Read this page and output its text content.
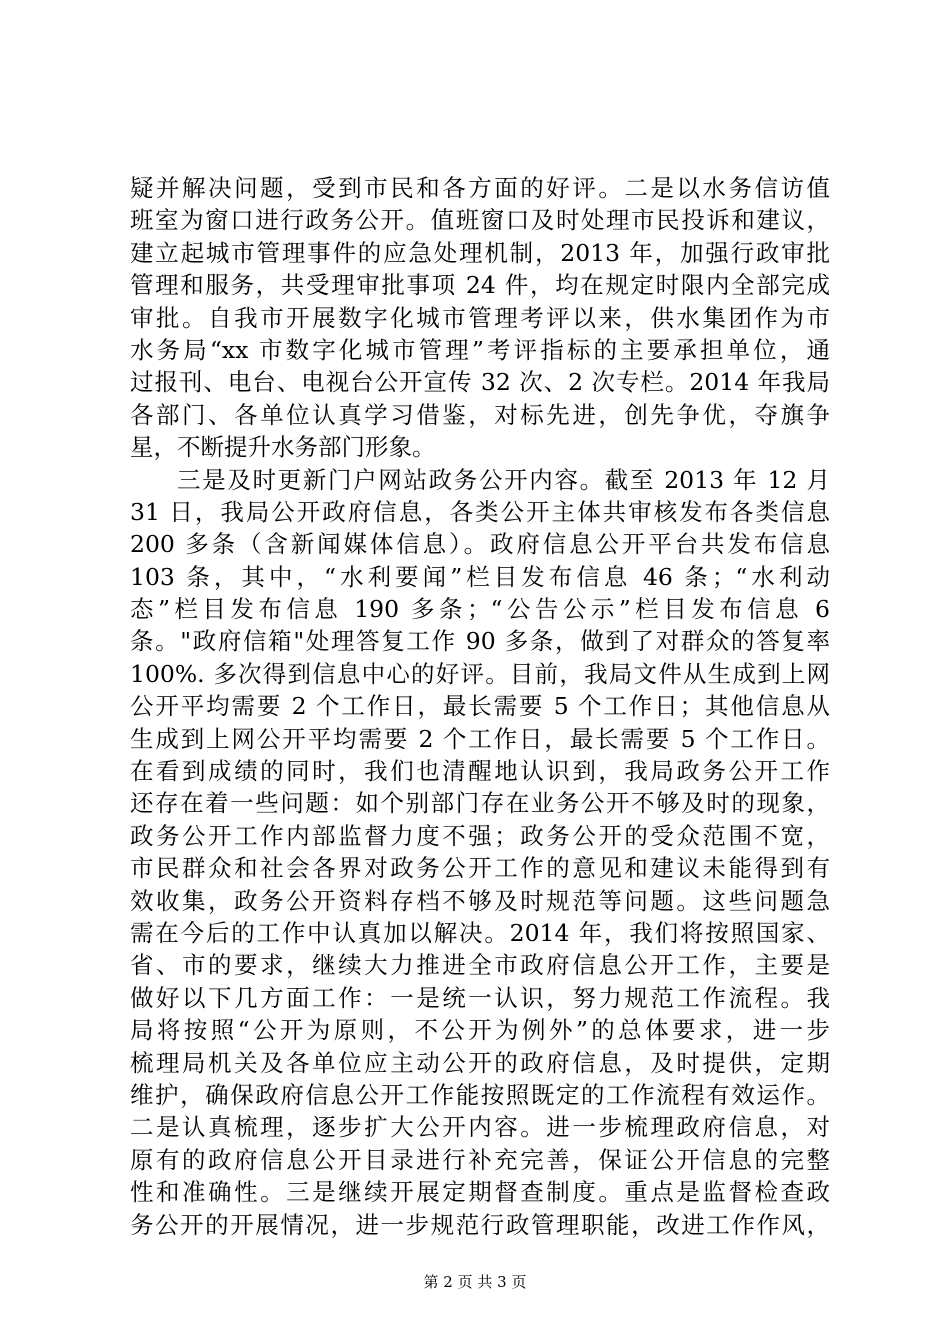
疑并解决问题，受到市民和各方面的好评。二是以水务信访值
班室为窗口进行政务公开。值班窗口及时处理市民投诉和建议，
建立起城市管理事件的应急处理机制，2013 年，加强行政审批
管理和服务，共受理审批事项 24 件，均在规定时限内全部完成
审批。自我市开展数字化城市管理考评以来，供水集团作为市
水务局“xx 市数字化城市管理”考评指标的主要承担单位，通
过报刊、电台、电视台公开宣传 32 次、2 次专栏。2014 年我局
各部门、各单位认真学习借鉴，对标先进，创先争优，夺旗争
星，不断提升水务部门形象。
三是及时更新门户网站政务公开内容。截至 2013 年 12 月
31 日，我局公开政府信息，各类公开主体共审核发布各类信息
200 多条（含新闻媒体信息）。政府信息公开平台共发布信息
103 条，其中，“水利要闻”栏目发布信息 46 条；“水利动
态”栏目发布信息 190 多条；“公告公示”栏目发布信息 6
条。"政府信箱"处理答复工作 90 多条，做到了对群众的答复率
100%. 多次得到信息中心的好评。目前，我局文件从生成到上网
公开平均需要 2 个工作日，最长需要 5 个工作日；其他信息从
生成到上网公开平均需要 2 个工作日，最长需要 5 个工作日。
在看到成绩的同时，我们也清醒地认识到，我局政务公开工作
还存在着一些问题：如个别部门存在业务公开不够及时的现象，
政务公开工作内部监督力度不强；政务公开的受众范围不宽，
市民群众和社会各界对政务公开工作的意见和建议未能得到有
效收集，政务公开资料存档不够及时规范等问题。这些问题急
需在今后的工作中认真加以解决。2014 年，我们将按照国家、
省、市的要求，继续大力推进全市政府信息公开工作，主要是
做好以下几方面工作：一是统一认识，努力规范工作流程。我
局将按照“公开为原则，不公开为例外”的总体要求，进一步
梳理局机关及各单位应主动公开的政府信息，及时提供，定期
维护，确保政府信息公开工作能按照既定的工作流程有效运作。
二是认真梳理，逐步扩大公开内容。进一步梳理政府信息，对
原有的政府信息公开目录进行补充完善，保证公开信息的完整
性和准确性。三是继续开展定期督查制度。重点是监督检查政
务公开的开展情况，进一步规范行政管理职能，改进工作作风，
第 2 页 共 3 页
